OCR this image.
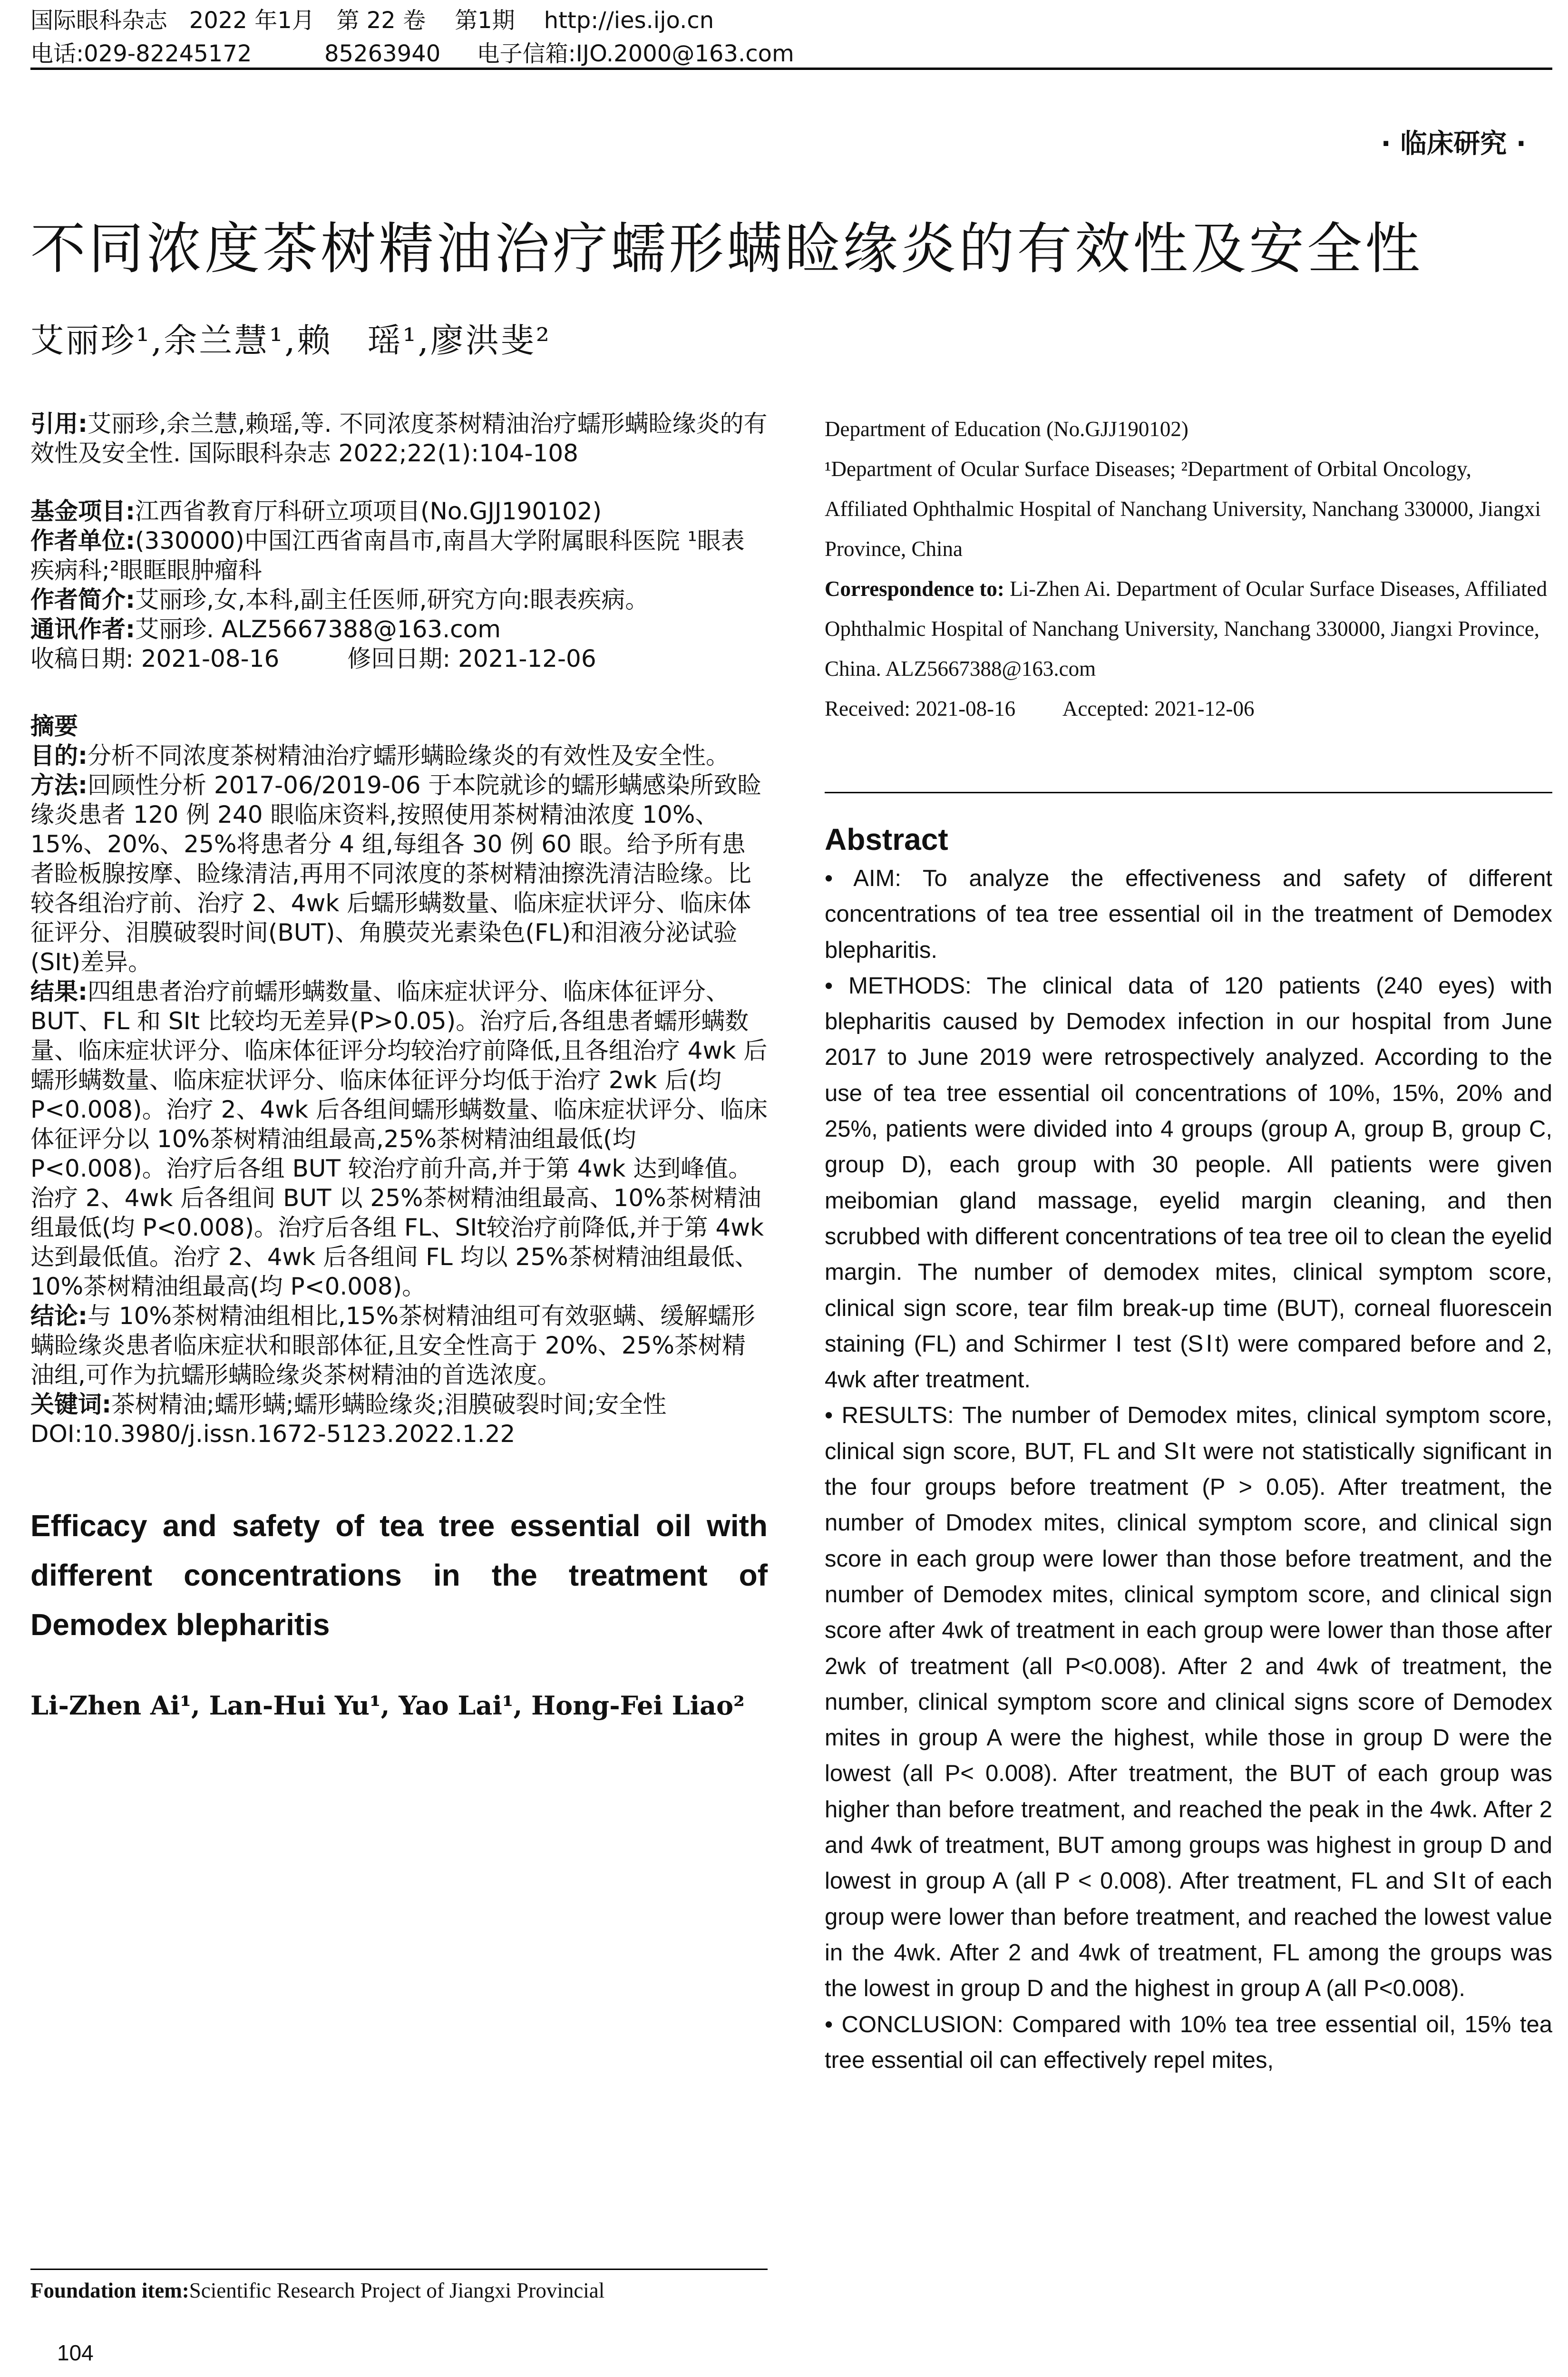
国际眼科杂志   2022 年1月   第 22 卷    第1期    http://ies.ijo.cn
电话:029-82245172          85263940     电子信箱:IJO.2000@163.com
· 临床研究 ·
不同浓度茶树精油治疗蠕形螨睑缘炎的有效性及安全性
艾丽珍¹,余兰慧¹,赖　瑶¹,廖洪斐²

引用:艾丽珍,余兰慧,赖瑶,等. 不同浓度茶树精油治疗蠕形螨睑缘炎的有效性及安全性. 国际眼科杂志 2022;22(1):104-108

基金项目:江西省教育厅科研立项项目(No.GJJ190102)

作者单位:(330000)中国江西省南昌市,南昌大学附属眼科医院 ¹眼表疾病科;²眼眶眼肿瘤科

作者简介:艾丽珍,女,本科,副主任医师,研究方向:眼表疾病。

通讯作者:艾丽珍. ALZ5667388@163.com

收稿日期: 2021-08-16         修回日期: 2021-12-06

摘要

目的:分析不同浓度茶树精油治疗蠕形螨睑缘炎的有效性及安全性。

方法:回顾性分析 2017-06/2019-06 于本院就诊的蠕形螨感染所致睑缘炎患者 120 例 240 眼临床资料,按照使用茶树精油浓度 10%、15%、20%、25%将患者分 4 组,每组各 30 例 60 眼。给予所有患者睑板腺按摩、睑缘清洁,再用不同浓度的茶树精油擦洗清洁睑缘。比较各组治疗前、治疗 2、4wk 后蠕形螨数量、临床症状评分、临床体征评分、泪膜破裂时间(BUT)、角膜荧光素染色(FL)和泪液分泌试验(SⅠt)差异。

结果:四组患者治疗前蠕形螨数量、临床症状评分、临床体征评分、BUT、FL 和 SⅠt 比较均无差异(P>0.05)。治疗后,各组患者蠕形螨数量、临床症状评分、临床体征评分均较治疗前降低,且各组治疗 4wk 后蠕形螨数量、临床症状评分、临床体征评分均低于治疗 2wk 后(均 P<0.008)。治疗 2、4wk 后各组间蠕形螨数量、临床症状评分、临床体征评分以 10%茶树精油组最高,25%茶树精油组最低(均 P<0.008)。治疗后各组 BUT 较治疗前升高,并于第 4wk 达到峰值。治疗 2、4wk 后各组间 BUT 以 25%茶树精油组最高、10%茶树精油组最低(均 P<0.008)。治疗后各组 FL、SⅠt较治疗前降低,并于第 4wk 达到最低值。治疗 2、4wk 后各组间 FL 均以 25%茶树精油组最低、10%茶树精油组最高(均 P<0.008)。

结论:与 10%茶树精油组相比,15%茶树精油组可有效驱螨、缓解蠕形螨睑缘炎患者临床症状和眼部体征,且安全性高于 20%、25%茶树精油组,可作为抗蠕形螨睑缘炎茶树精油的首选浓度。

关键词:茶树精油;蠕形螨;蠕形螨睑缘炎;泪膜破裂时间;安全性

DOI:10.3980/j.issn.1672-5123.2022.1.22

Efficacy and safety of tea tree essential oil with different concentrations in the treatment of Demodex blepharitis

Li-Zhen Ai¹, Lan-Hui Yu¹, Yao Lai¹, Hong-Fei Liao²

Foundation item:Scientific Research Project of Jiangxi Provincial
104

Department of Education (No.GJJ190102)

¹Department of Ocular Surface Diseases; ²Department of Orbital Oncology, Affiliated Ophthalmic Hospital of Nanchang University, Nanchang 330000, Jiangxi Province, China

Correspondence to: Li-Zhen Ai. Department of Ocular Surface Diseases, Affiliated Ophthalmic Hospital of Nanchang University, Nanchang 330000, Jiangxi Province, China. ALZ5667388@163.com

Received: 2021-08-16         Accepted: 2021-12-06

Abstract

• AIM: To analyze the effectiveness and safety of different concentrations of tea tree essential oil in the treatment of Demodex blepharitis.

• METHODS: The clinical data of 120 patients (240 eyes) with blepharitis caused by Demodex infection in our hospital from June 2017 to June 2019 were retrospectively analyzed. According to the use of tea tree essential oil concentrations of 10%, 15%, 20% and 25%, patients were divided into 4 groups (group A, group B, group C, group D), each group with 30 people. All patients were given meibomian gland massage, eyelid margin cleaning, and then scrubbed with different concentrations of tea tree oil to clean the eyelid margin. The number of demodex mites, clinical symptom score, clinical sign score, tear film break-up time (BUT), corneal fluorescein staining (FL) and Schirmer Ⅰ test (SⅠt) were compared before and 2, 4wk after treatment.

• RESULTS: The number of Demodex mites, clinical symptom score, clinical sign score, BUT, FL and SⅠt were not statistically significant in the four groups before treatment (P > 0.05). After treatment, the number of Dmodex mites, clinical symptom score, and clinical sign score in each group were lower than those before treatment, and the number of Demodex mites, clinical symptom score, and clinical sign score after 4wk of treatment in each group were lower than those after 2wk of treatment (all P<0.008). After 2 and 4wk of treatment, the number, clinical symptom score and clinical signs score of Demodex mites in group A were the highest, while those in group D were the lowest (all P< 0.008). After treatment, the BUT of each group was higher than before treatment, and reached the peak in the 4wk. After 2 and 4wk of treatment, BUT among groups was highest in group D and lowest in group A (all P < 0.008). After treatment, FL and SⅠt of each group were lower than before treatment, and reached the lowest value in the 4wk. After 2 and 4wk of treatment, FL among the groups was the lowest in group D and the highest in group A (all P<0.008).

• CONCLUSION: Compared with 10% tea tree essential oil, 15% tea tree essential oil can effectively repel mites,
